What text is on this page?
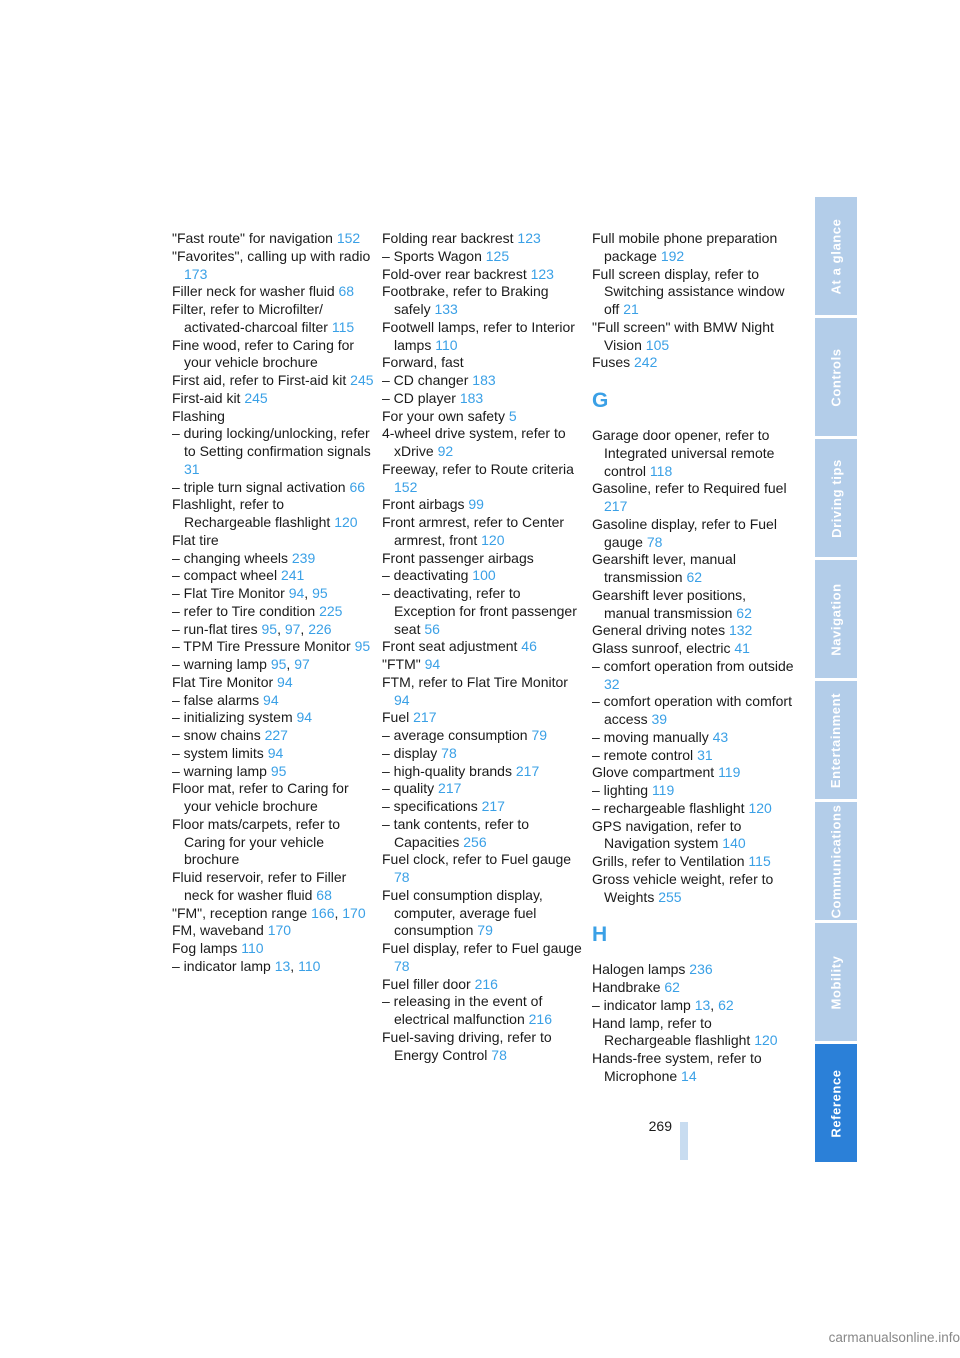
"Fast route" for navigation 152
"Favorites", calling up with radio 173
Filler neck for washer fluid 68
Filter, refer to Microfilter/ activated-charcoal filter 115
Fine wood, refer to Caring for your vehicle brochure
First aid, refer to First-aid kit 245
First-aid kit 245
Flashing
– during locking/unlocking, refer to Setting confirmation signals 31
– triple turn signal activation 66
Flashlight, refer to Rechargeable flashlight 120
Flat tire
– changing wheels 239
– compact wheel 241
– Flat Tire Monitor 94, 95
– refer to Tire condition 225
– run-flat tires 95, 97, 226
– TPM Tire Pressure Monitor 95
– warning lamp 95, 97
Flat Tire Monitor 94
– false alarms 94
– initializing system 94
– snow chains 227
– system limits 94
– warning lamp 95
Floor mat, refer to Caring for your vehicle brochure
Floor mats/carpets, refer to Caring for your vehicle brochure
Fluid reservoir, refer to Filler neck for washer fluid 68
"FM", reception range 166, 170
FM, waveband 170
Fog lamps 110
– indicator lamp 13, 110
Folding rear backrest 123
– Sports Wagon 125
Fold-over rear backrest 123
Footbrake, refer to Braking safely 133
Footwell lamps, refer to Interior lamps 110
Forward, fast
– CD changer 183
– CD player 183
For your own safety 5
4-wheel drive system, refer to xDrive 92
Freeway, refer to Route criteria 152
Front airbags 99
Front armrest, refer to Center armrest, front 120
Front passenger airbags
– deactivating 100
– deactivating, refer to Exception for front passenger seat 56
Front seat adjustment 46
"FTM" 94
FTM, refer to Flat Tire Monitor 94
Fuel 217
– average consumption 79
– display 78
– high-quality brands 217
– quality 217
– specifications 217
– tank contents, refer to Capacities 256
Fuel clock, refer to Fuel gauge 78
Fuel consumption display, computer, average fuel consumption 79
Fuel display, refer to Fuel gauge 78
Fuel filler door 216
– releasing in the event of electrical malfunction 216
Fuel-saving driving, refer to Energy Control 78
Full mobile phone preparation package 192
Full screen display, refer to Switching assistance window off 21
"Full screen" with BMW Night Vision 105
Fuses 242
G
Garage door opener, refer to Integrated universal remote control 118
Gasoline, refer to Required fuel 217
Gasoline display, refer to Fuel gauge 78
Gearshift lever, manual transmission 62
Gearshift lever positions, manual transmission 62
General driving notes 132
Glass sunroof, electric 41
– comfort operation from outside 32
– comfort operation with comfort access 39
– moving manually 43
– remote control 31
Glove compartment 119
– lighting 119
– rechargeable flashlight 120
GPS navigation, refer to Navigation system 140
Grills, refer to Ventilation 115
Gross vehicle weight, refer to Weights 255
H
Halogen lamps 236
Handbrake 62
– indicator lamp 13, 62
Hand lamp, refer to Rechargeable flashlight 120
Hands-free system, refer to Microphone 14
At a glance
Controls
Driving tips
Navigation
Entertainment
Communications
Mobility
Reference
269
carmanualsonline.info
